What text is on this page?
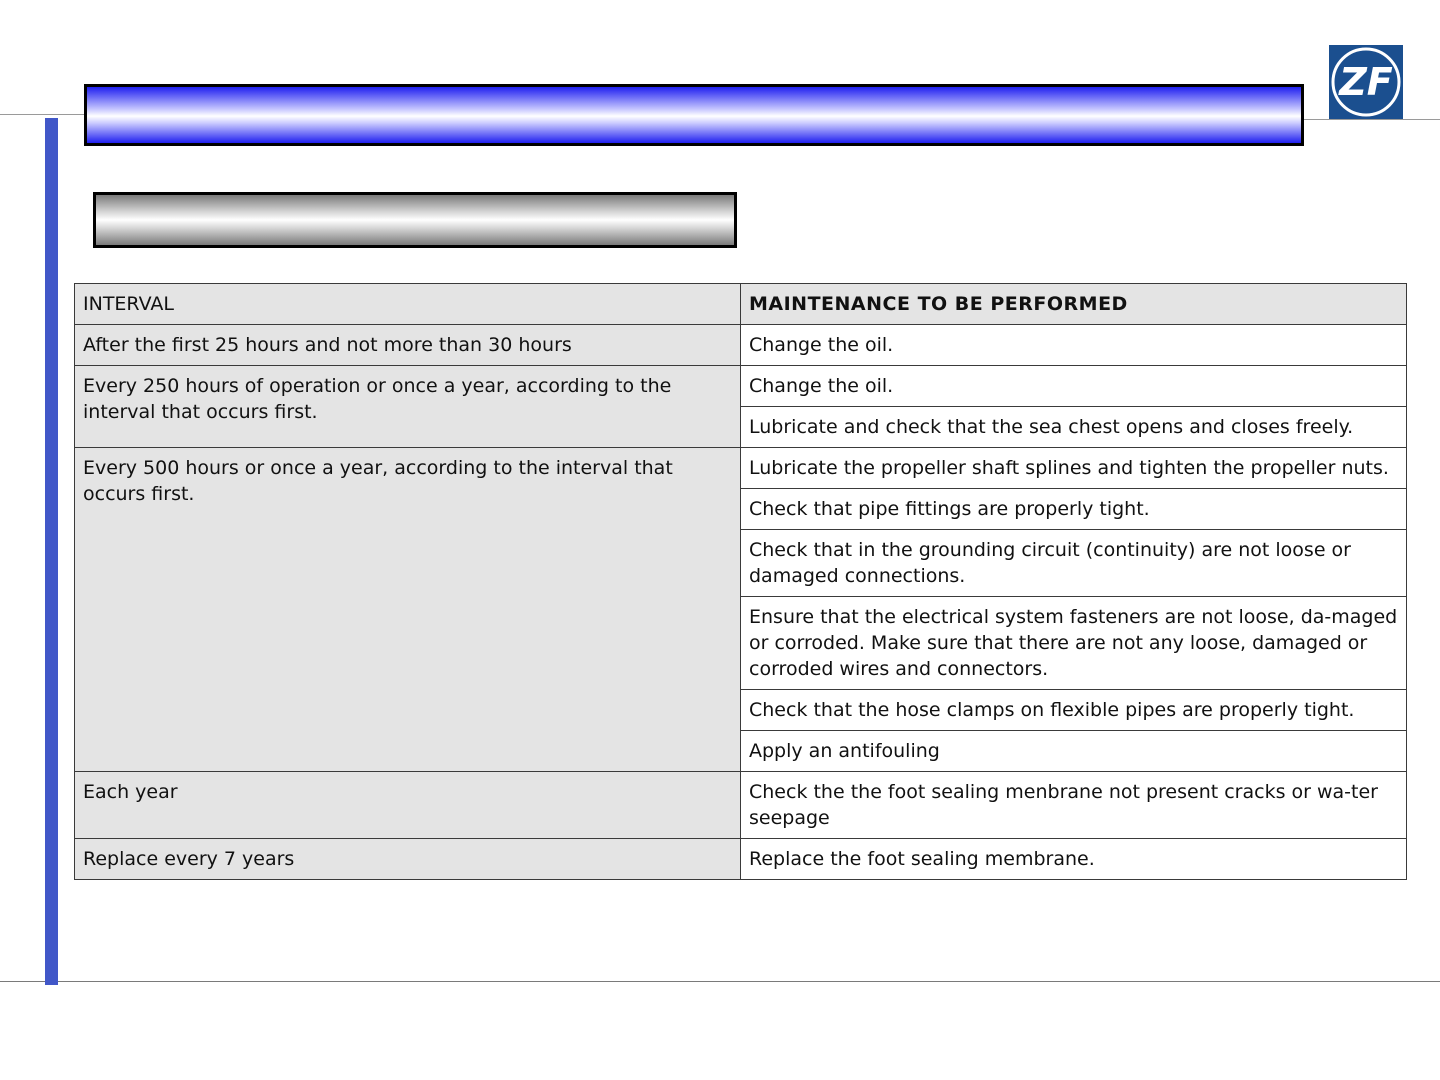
ZF
INTERVAL	MAINTENANCE TO BE PERFORMED
After the first 25 hours and not more than 30 hours	Change the oil.
Every 250 hours of operation or once a year, according to the interval that occurs first.	Change the oil.
	Lubricate and check that the sea chest opens and closes freely.
Every 500 hours or once a year, according to the interval that occurs first.	Lubricate the propeller shaft splines and tighten the propeller nuts.
	Check that pipe fittings are properly tight.
	Check that in the grounding circuit (continuity) are not loose or damaged connections.
	Ensure that the electrical system fasteners are not loose, da-maged or corroded. Make sure that there are not any loose, damaged or corroded wires and connectors.
	Check that the hose clamps on flexible pipes are properly tight.
	Apply an antifouling
Each year	Check the the foot sealing menbrane not present cracks or wa-ter seepage
Replace every 7 years	Replace the foot sealing membrane.
